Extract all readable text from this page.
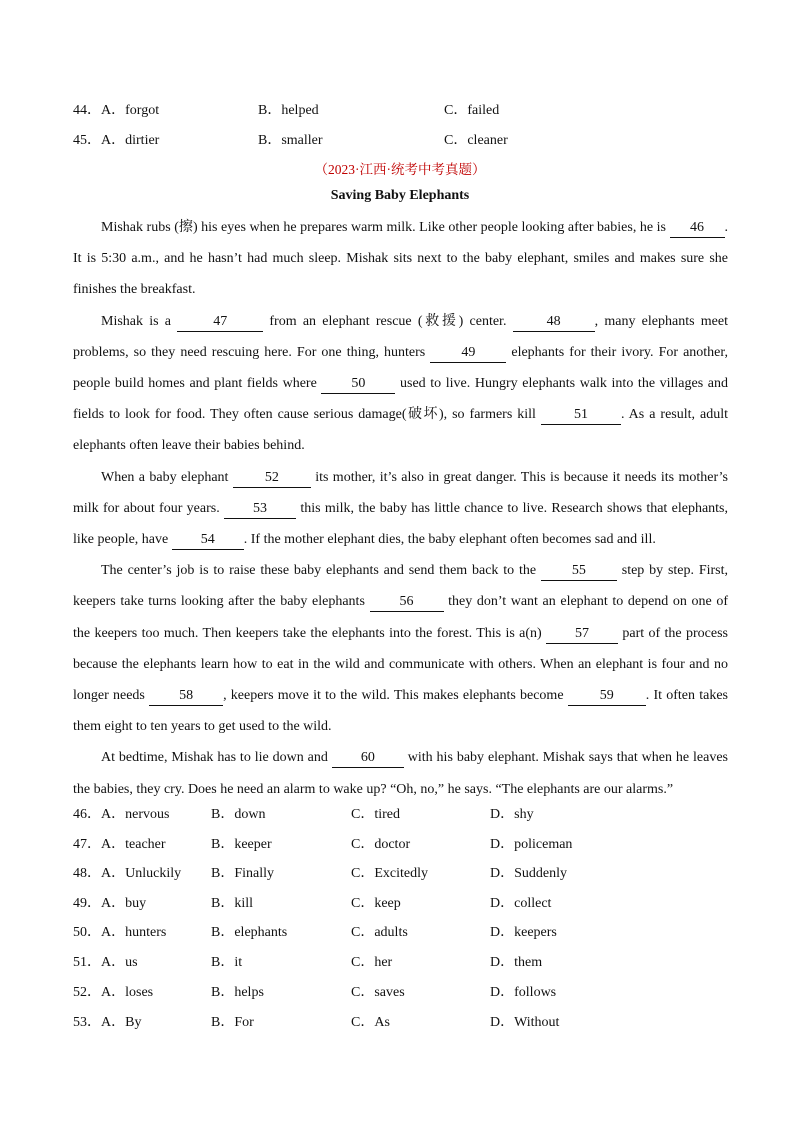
44．A．forgot	B．helped	C．failed
45．A．dirtier	B．smaller	C．cleaner
（2023·江西·统考中考真题）
Saving Baby Elephants

Mishak rubs (擦) his eyes when he prepares warm milk. Like other people looking after babies, he is 46 . It is 5:30 a.m., and he hasn’t had much sleep. Mishak sits next to the baby elephant, smiles and makes sure she finishes the breakfast.

Mishak is a	47	from an elephant rescue (救援) center. 48 , many elephants meet problems, so they need rescuing here. For one thing, hunters 49 elephants for their ivory. For another, people build homes and plant fields where 50 used to live. Hungry elephants walk into the villages and fields to look for food. They often cause serious damage(破坏), so farmers kill 51 . As a result, adult elephants often leave their babies behind.

When a baby elephant 52 its mother, it’s also in great danger. This is because it needs its mother’s milk for about four years. 53 this milk, the baby has little chance to live. Research shows that elephants, like people, have 54 . If the mother elephant dies, the baby elephant often becomes sad and ill.

The center’s job is to raise these baby elephants and send them back to the 55 step by step. First, keepers take turns looking after the baby elephants 56 they don’t want an elephant to depend on one of the keepers too much. Then keepers take the elephants into the forest. This is a(n) 57 part of the process because the elephants learn how to eat in the wild and communicate with others. When an elephant is four and no longer needs 58 , keepers move it to the wild. This makes elephants become 59 . It often takes them eight to ten years to get used to the wild.

At bedtime, Mishak has to lie down and 60 with his baby elephant. Mishak says that when he leaves the babies, they cry. Does he need an alarm to wake up? “Oh, no,” he says. “The elephants are our alarms.”

46．A．nervous	B．down	C．tired	D．shy
47．A．teacher	B．keeper	C．doctor	D．policeman
48．A．Unluckily B．Finally	C．Excitedly	D．Suddenly
49．A．buy	B．kill	C．keep	D．collect
50．A．hunters	B．elephants	C．adults	D．keepers
51．A．us	B．it	C．her	D．them
52．A．loses	B．helps	C．saves	D．follows
53．A．By	B．For	C．As	D．Without
